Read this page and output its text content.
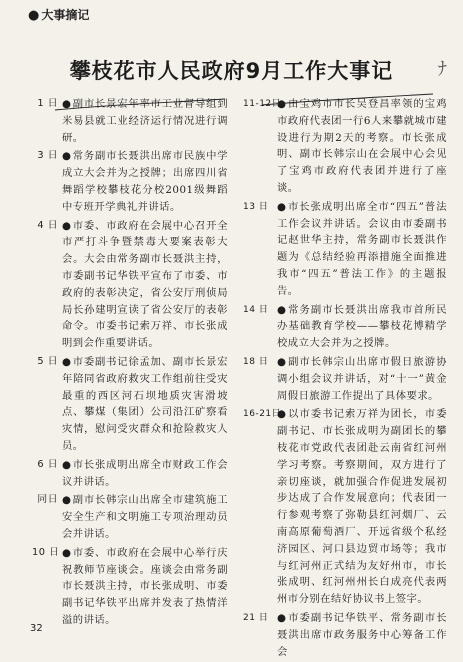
● 大事摘记
攀枝花市人民政府9月工作大事记	ﾅ
1 日	● 副市长景宏年率市工业督导组到米易县就工业经济运行情况进行调研。
3 日	● 常务副市长聂洪出席市民族中学成立大会并为之授牌；出席四川省舞蹈学校攀枝花分校2001级舞蹈中专班开学典礼并讲话。
4 日	● 市委、市政府在会展中心召开全市严打斗争暨禁毒大要案表彰大会。大会由常务副市长聂洪主持，市委副书记华铁平宣布了市委、市政府的表彰决定，省公安厅刑侦局局长孙建明宣读了省公安厅的表彰命令。市委书记索万祥、市长张成明到会作重要讲话。
5 日	● 市委副书记徐孟加、副市长景宏年陪同省政府救灾工作组前往受灾最重的西区河石坝地质灾害滑坡点、攀煤（集团）公司沿江矿察看灾情，慰问受灾群众和抢险救灾人员。
6 日	● 市长张成明出席全市财政工作会议并讲话。
同日	● 副市长韩宗山出席全市建筑施工安全生产和文明施工专项治理动员会并讲话。
10 日	● 市委、市政府在会展中心举行庆祝教师节座谈会。座谈会由常务副市长聂洪主持，市长张成明、市委副书记华铁平出席并发表了热情洋溢的讲话。
11-12日 ● 由宝鸡市市长吴登昌率领的宝鸡市政府代表团一行6人来攀就城市建设进行为期2天的考察。市长张成明、副市长韩宗山在会展中心会见了宝鸡市政府代表团并进行了座谈。
13 日	● 市长张成明出席全市“四五”普法工作会议并讲话。会议由市委副书记赵世华主持，常务副市长聂洪作题为《总结经验再添措施全面推进我市“四五”普法工作》的主题报告。
14 日	● 常务副市长聂洪出席我市首所民办基础教育学校——攀枝花博精学校成立大会并为之授牌。
18 日	● 副市长韩宗山出席市假日旅游协调小组会议并讲话，对“十一”黄金周假日旅游工作提出了具体要求。
16-21日 ● 以市委书记索万祥为团长，市委副书记、市长张成明为副团长的攀枝花市党政代表团赴云南省红河州学习考察。考察期间，双方进行了亲切座谈，就加强合作促进发展初步达成了合作发展意向；代表团一行参观考察了弥勒县红河烟厂、云南高原葡萄酒厂、开远省级个私经济园区、河口县边贸市场等；我市与红河州正式结为友好州市，市长张成明、红河州州长白成亮代表两州市分别在结好协议书上签字。
21 日	● 市委副书记华铁平、常务副市长聂洪出席市政务服务中心筹备工作会
32
